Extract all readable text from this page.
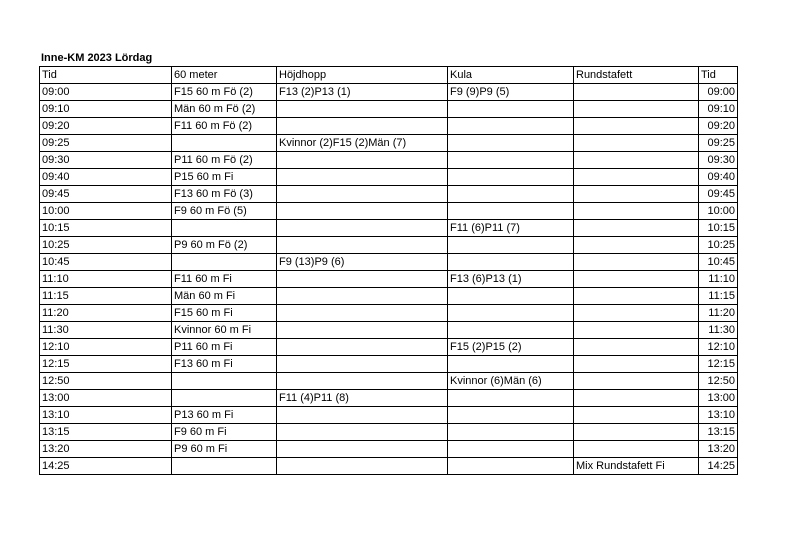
Inne-KM 2023 Lördag
Tid	60 meter	Höjdhopp	Kula	Rundstafett	Tid
09:00	F15 60 m Fö (2)	F13 (2)P13 (1)	F9 (9)P9 (5)		09:00
09:10	Män 60 m Fö (2)				09:10
09:20	F11 60 m Fö (2)				09:20
09:25		Kvinnor (2)F15 (2)Män (7)			09:25
09:30	P11 60 m Fö (2)				09:30
09:40	P15 60 m Fi				09:40
09:45	F13 60 m Fö (3)				09:45
10:00	F9 60 m Fö (5)				10:00
10:15			F11 (6)P11 (7)		10:15
10:25	P9 60 m Fö (2)				10:25
10:45		F9 (13)P9 (6)			10:45
11:10	F11 60 m Fi		F13 (6)P13 (1)		11:10
11:15	Män 60 m Fi				11:15
11:20	F15 60 m Fi				11:20
11:30	Kvinnor 60 m Fi				11:30
12:10	P11 60 m Fi		F15 (2)P15 (2)		12:10
12:15	F13 60 m Fi				12:15
12:50			Kvinnor (6)Män (6)		12:50
13:00		F11 (4)P11 (8)			13:00
13:10	P13 60 m Fi				13:10
13:15	F9 60 m Fi				13:15
13:20	P9 60 m Fi				13:20
14:25				Mix Rundstafett Fi	14:25
